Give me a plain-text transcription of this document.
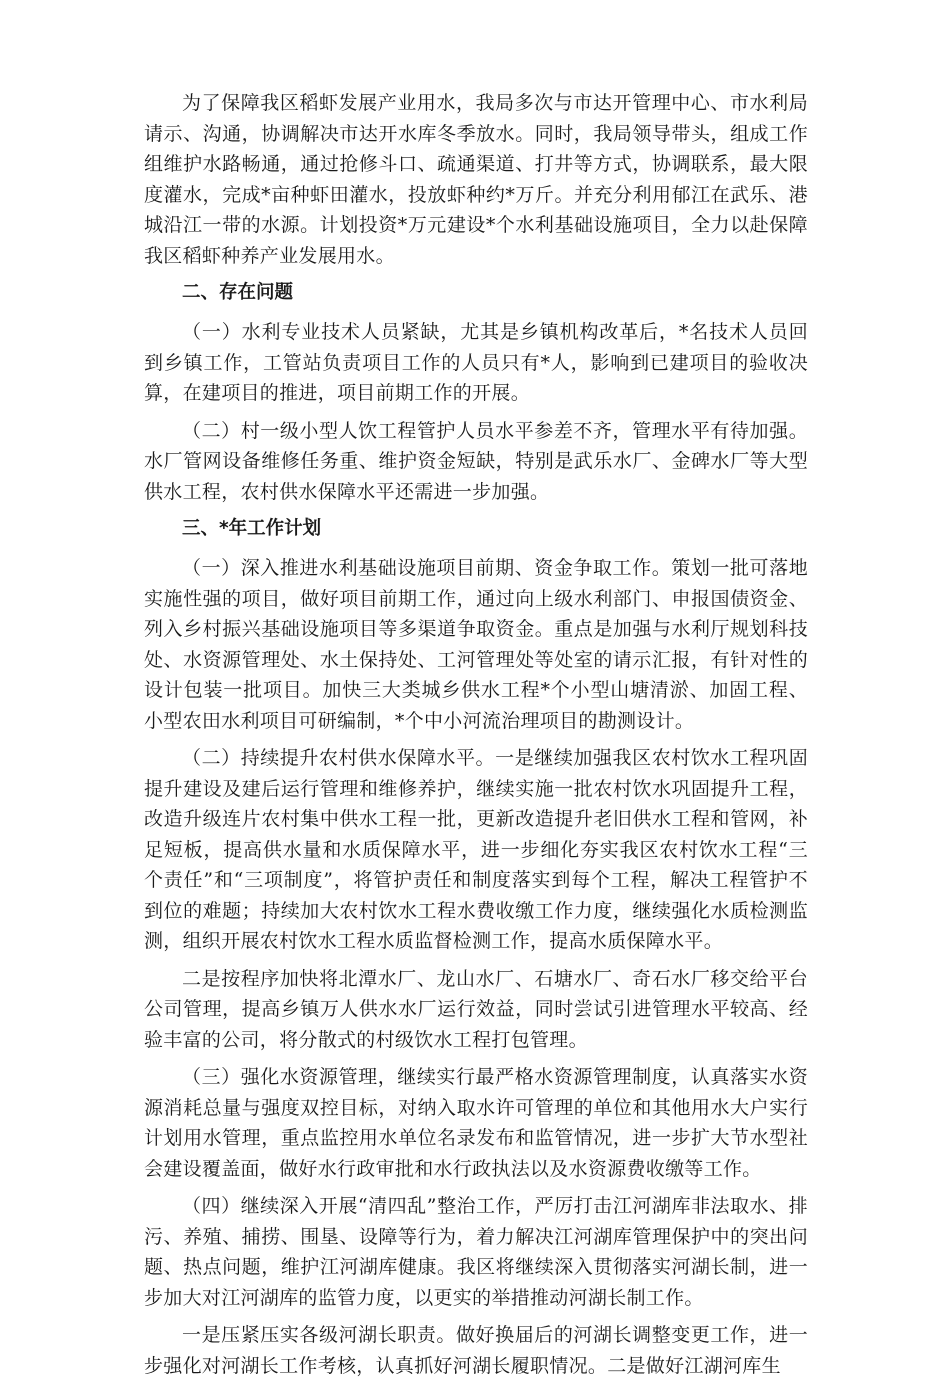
为了保障我区稻虾发展产业用水，我局多次与市达开管理中心、市水利局请示、沟通，协调解决市达开水库冬季放水。同时，我局领导带头，组成工作组维护水路畅通，通过抢修斗口、疏通渠道、打井等方式，协调联系，最大限度灌水，完成*亩种虾田灌水，投放虾种约*万斤。并充分利用郁江在武乐、港城沿江一带的水源。计划投资*万元建设*个水利基础设施项目，全力以赴保障我区稻虾种养产业发展用水。

二、存在问题

（一）水利专业技术人员紧缺，尤其是乡镇机构改革后，*名技术人员回到乡镇工作，工管站负责项目工作的人员只有*人，影响到已建项目的验收决算，在建项目的推进，项目前期工作的开展。

（二）村一级小型人饮工程管护人员水平参差不齐，管理水平有待加强。水厂管网设备维修任务重、维护资金短缺，特别是武乐水厂、金碑水厂等大型供水工程，农村供水保障水平还需进一步加强。

三、*年工作计划

（一）深入推进水利基础设施项目前期、资金争取工作。策划一批可落地实施性强的项目，做好项目前期工作，通过向上级水利部门、申报国债资金、列入乡村振兴基础设施项目等多渠道争取资金。重点是加强与水利厅规划科技处、水资源管理处、水土保持处、工河管理处等处室的请示汇报，有针对性的设计包装一批项目。加快三大类城乡供水工程*个小型山塘清淤、加固工程、小型农田水利项目可研编制，*个中小河流治理项目的勘测设计。

（二）持续提升农村供水保障水平。一是继续加强我区农村饮水工程巩固提升建设及建后运行管理和维修养护，继续实施一批农村饮水巩固提升工程，改造升级连片农村集中供水工程一批，更新改造提升老旧供水工程和管网，补足短板，提高供水量和水质保障水平，进一步细化夯实我区农村饮水工程“三个责任”和“三项制度”，将管护责任和制度落实到每个工程，解决工程管护不到位的难题；持续加大农村饮水工程水费收缴工作力度，继续强化水质检测监测，组织开展农村饮水工程水质监督检测工作，提高水质保障水平。

二是按程序加快将北潭水厂、龙山水厂、石塘水厂、奇石水厂移交给平台公司管理，提高乡镇万人供水水厂运行效益，同时尝试引进管理水平较高、经验丰富的公司，将分散式的村级饮水工程打包管理。

（三）强化水资源管理，继续实行最严格水资源管理制度，认真落实水资源消耗总量与强度双控目标，对纳入取水许可管理的单位和其他用水大户实行计划用水管理，重点监控用水单位名录发布和监管情况，进一步扩大节水型社会建设覆盖面，做好水行政审批和水行政执法以及水资源费收缴等工作。

（四）继续深入开展“清四乱”整治工作，严厉打击江河湖库非法取水、排污、养殖、捕捞、围垦、设障等行为，着力解决江河湖库管理保护中的突出问题、热点问题，维护江河湖库健康。我区将继续深入贯彻落实河湖长制，进一步加大对江河湖库的监管力度，以更实的举措推动河湖长制工作。

一是压紧压实各级河湖长职责。做好换届后的河湖长调整变更工作，进一步强化对河湖长工作考核，认真抓好河湖长履职情况。二是做好江湖河库生
